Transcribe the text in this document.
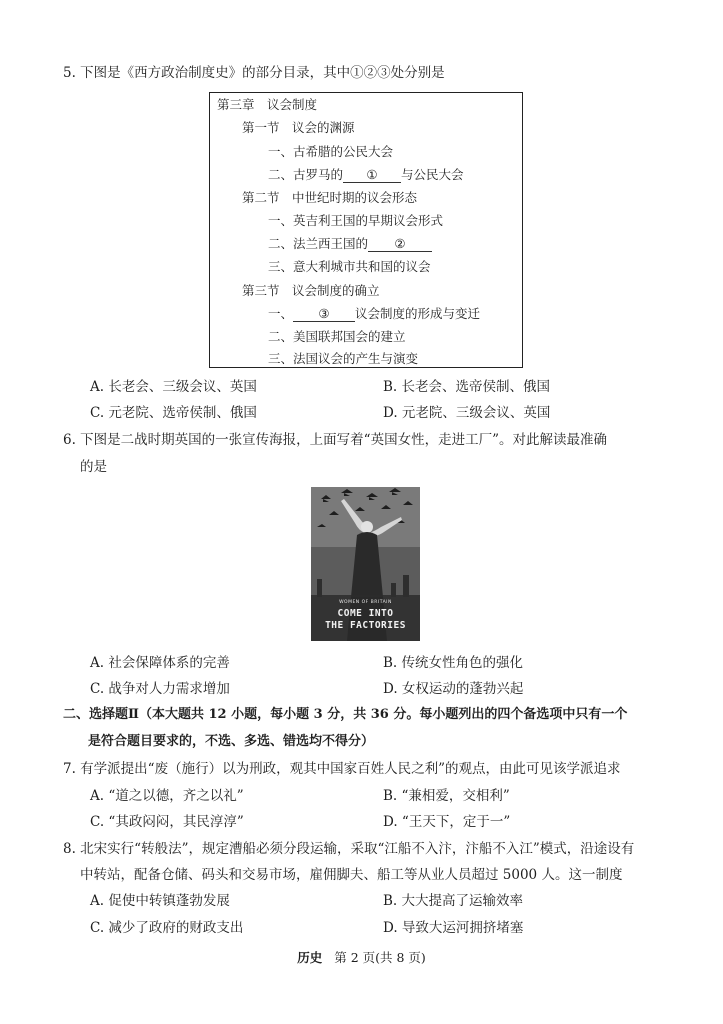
5. 下图是《西方政治制度史》的部分目录，其中①②③处分别是
第三章　议会制度
第一节　议会的渊源
一、古希腊的公民大会
二、古罗马的 ① 与公民大会
第二节　中世纪时期的议会形态
一、英吉利王国的早期议会形式
二、法兰西王国的 ②
三、意大利城市共和国的议会
第三节　议会制度的确立
一、 ③ 议会制度的形成与变迁
二、美国联邦国会的建立
三、法国议会的产生与演变
A. 长老会、三级会议、英国	B. 长老会、选帝侯制、俄国
C. 元老院、选帝侯制、俄国	D. 元老院、三级会议、英国
6. 下图是二战时期英国的一张宣传海报，上面写着“英国女性，走进工厂”。对此解读最准确
的是
WOMEN OF BRITAIN
COME INTO
THE FACTORIES
A. 社会保障体系的完善	B. 传统女性角色的强化
C. 战争对人力需求增加	D. 女权运动的蓬勃兴起
二、选择题Ⅱ（本大题共 12 小题，每小题 3 分，共 36 分。每小题列出的四个备选项中只有一个
是符合题目要求的，不选、多选、错选均不得分）
7. 有学派提出“废（施行）以为刑政，观其中国家百姓人民之利”的观点，由此可见该学派追求
A. “道之以德，齐之以礼”	B. “兼相爱，交相利”
C. “其政闷闷，其民淳淳”	D. “王天下，定于一”
8. 北宋实行“转般法”，规定漕船必须分段运输，采取“江船不入汴，汴船不入江”模式，沿途设有
中转站，配备仓储、码头和交易市场，雇佣脚夫、船工等从业人员超过 5000 人。这一制度
A. 促使中转镇蓬勃发展	B. 大大提高了运输效率
C. 减少了政府的财政支出	D. 导致大运河拥挤堵塞
历史 第 2 页(共 8 页)
